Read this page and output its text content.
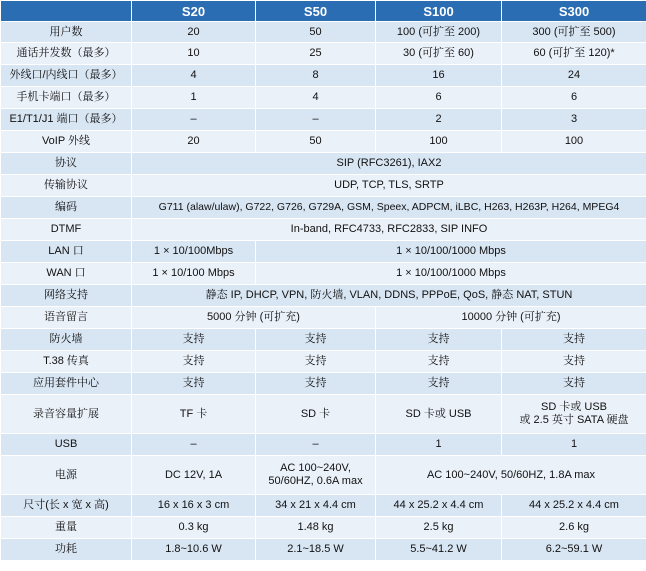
	S20	S50	S100	S300
用户数	20	50	100 (可扩至 200)	300 (可扩至 500)
通话并发数（最多）	10	25	30 (可扩至 60)	60 (可扩至 120)*
外线口/内线口（最多）	4	8	16	24
手机卡端口（最多）	1	4	6	6
E1/T1/J1 端口（最多）	–	–	2	3
VoIP 外线	20	50	100	100
协议	SIP (RFC3261), IAX2			
传输协议	UDP, TCP, TLS, SRTP			
编码	G711 (alaw/ulaw), G722, G726, G729A, GSM, Speex, ADPCM, iLBC, H263, H263P, H264, MPEG4			
DTMF	In-band, RFC4733, RFC2833, SIP INFO			
LAN 口	1 × 10/100Mbps	1 × 10/100/1000 Mbps		
WAN 口	1 × 10/100 Mbps	1 × 10/100/1000 Mbps		
网络支持	静态 IP, DHCP, VPN, 防火墙, VLAN, DDNS, PPPoE, QoS, 静态 NAT, STUN			
语音留言	5000 分钟 (可扩充)		10000 分钟 (可扩充)	
防火墙	支持	支持	支持	支持
T.38 传真	支持	支持	支持	支持
应用套件中心	支持	支持	支持	支持
录音容量扩展	TF 卡	SD 卡	SD 卡或 USB	SD 卡或 USB
或 2.5 英寸 SATA 硬盘

USB	–	–	1	1
电源	DC 12V, 1A	AC 100~240V,
50/60HZ, 0.6A max	AC 100~240V, 50/60HZ, 1.8A max	
尺寸(长 x 宽 x 高)	16 x 16 x 3 cm	34 x 21 x 4.4 cm	44 x 25.2 x 4.4 cm	44 x 25.2 x 4.4 cm
重量	0.3 kg	1.48 kg	2.5 kg	2.6 kg
功耗	1.8~10.6 W	2.1~18.5 W	5.5~41.2 W	6.2~59.1 W
